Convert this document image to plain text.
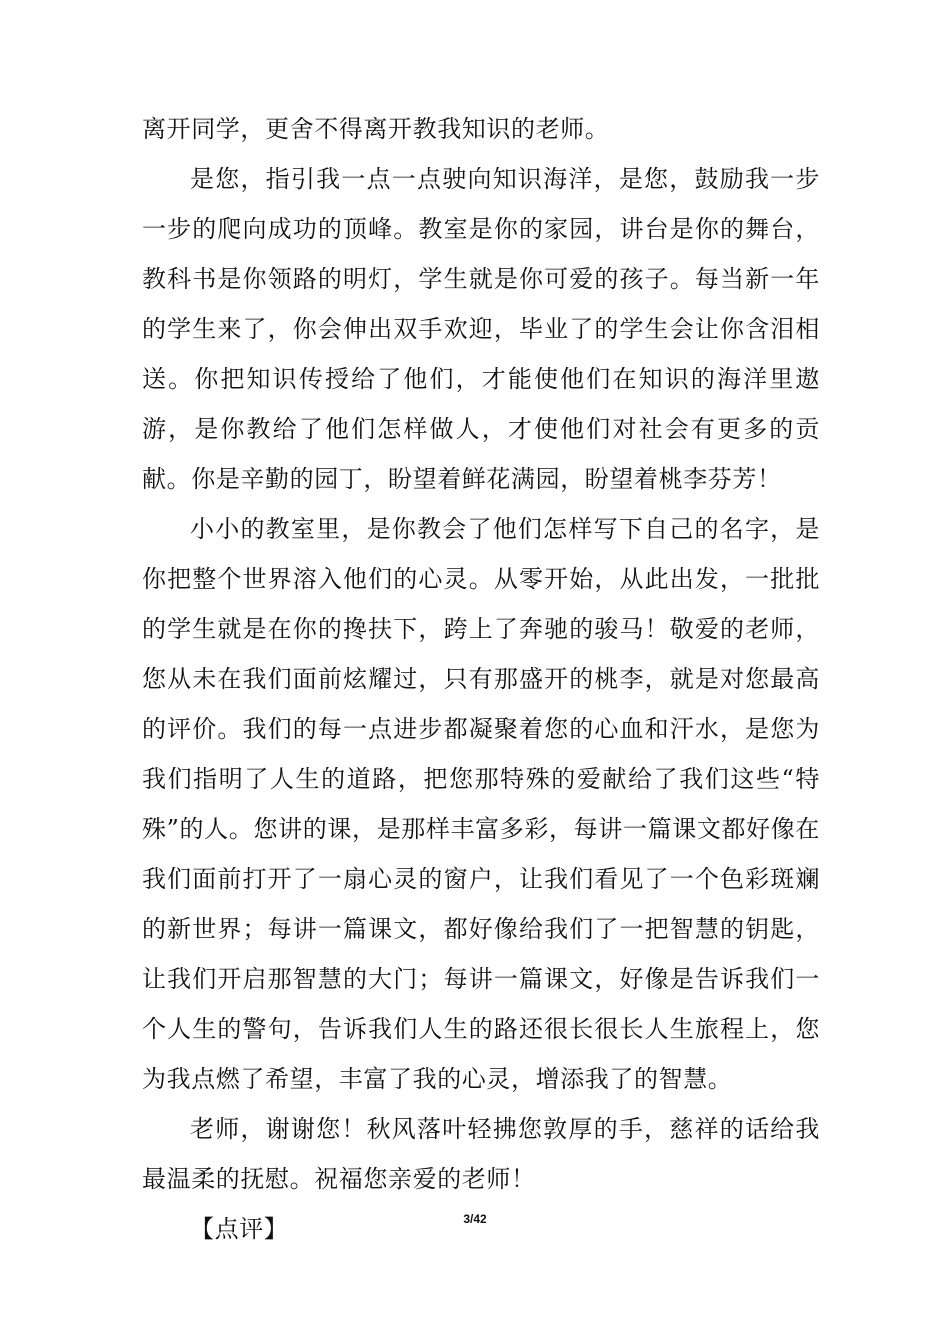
离开同学，更舍不得离开教我知识的老师。

是您，指引我一点一点驶向知识海洋，是您，鼓励我一步一步的爬向成功的顶峰。教室是你的家园，讲台是你的舞台，教科书是你领路的明灯，学生就是你可爱的孩子。每当新一年的学生来了，你会伸出双手欢迎，毕业了的学生会让你含泪相送。你把知识传授给了他们，才能使他们在知识的海洋里遨游，是你教给了他们怎样做人，才使他们对社会有更多的贡献。你是辛勤的园丁，盼望着鲜花满园，盼望着桃李芬芳！

小小的教室里，是你教会了他们怎样写下自己的名字，是你把整个世界溶入他们的心灵。从零开始，从此出发，一批批的学生就是在你的搀扶下，跨上了奔驰的骏马！敬爱的老师，您从未在我们面前炫耀过，只有那盛开的桃李，就是对您最高的评价。我们的每一点进步都凝聚着您的心血和汗水，是您为我们指明了人生的道路，把您那特殊的爱献给了我们这些“特殊”的人。您讲的课，是那样丰富多彩，每讲一篇课文都好像在我们面前打开了一扇心灵的窗户，让我们看见了一个色彩斑斓的新世界；每讲一篇课文，都好像给我们了一把智慧的钥匙，让我们开启那智慧的大门；每讲一篇课文，好像是告诉我们一个人生的警句，告诉我们人生的路还很长很长人生旅程上，您为我点燃了希望，丰富了我的心灵，增添我了的智慧。

老师，谢谢您！秋风落叶轻拂您敦厚的手，慈祥的话给我最温柔的抚慰。祝福您亲爱的老师！

【点评】	3/42
